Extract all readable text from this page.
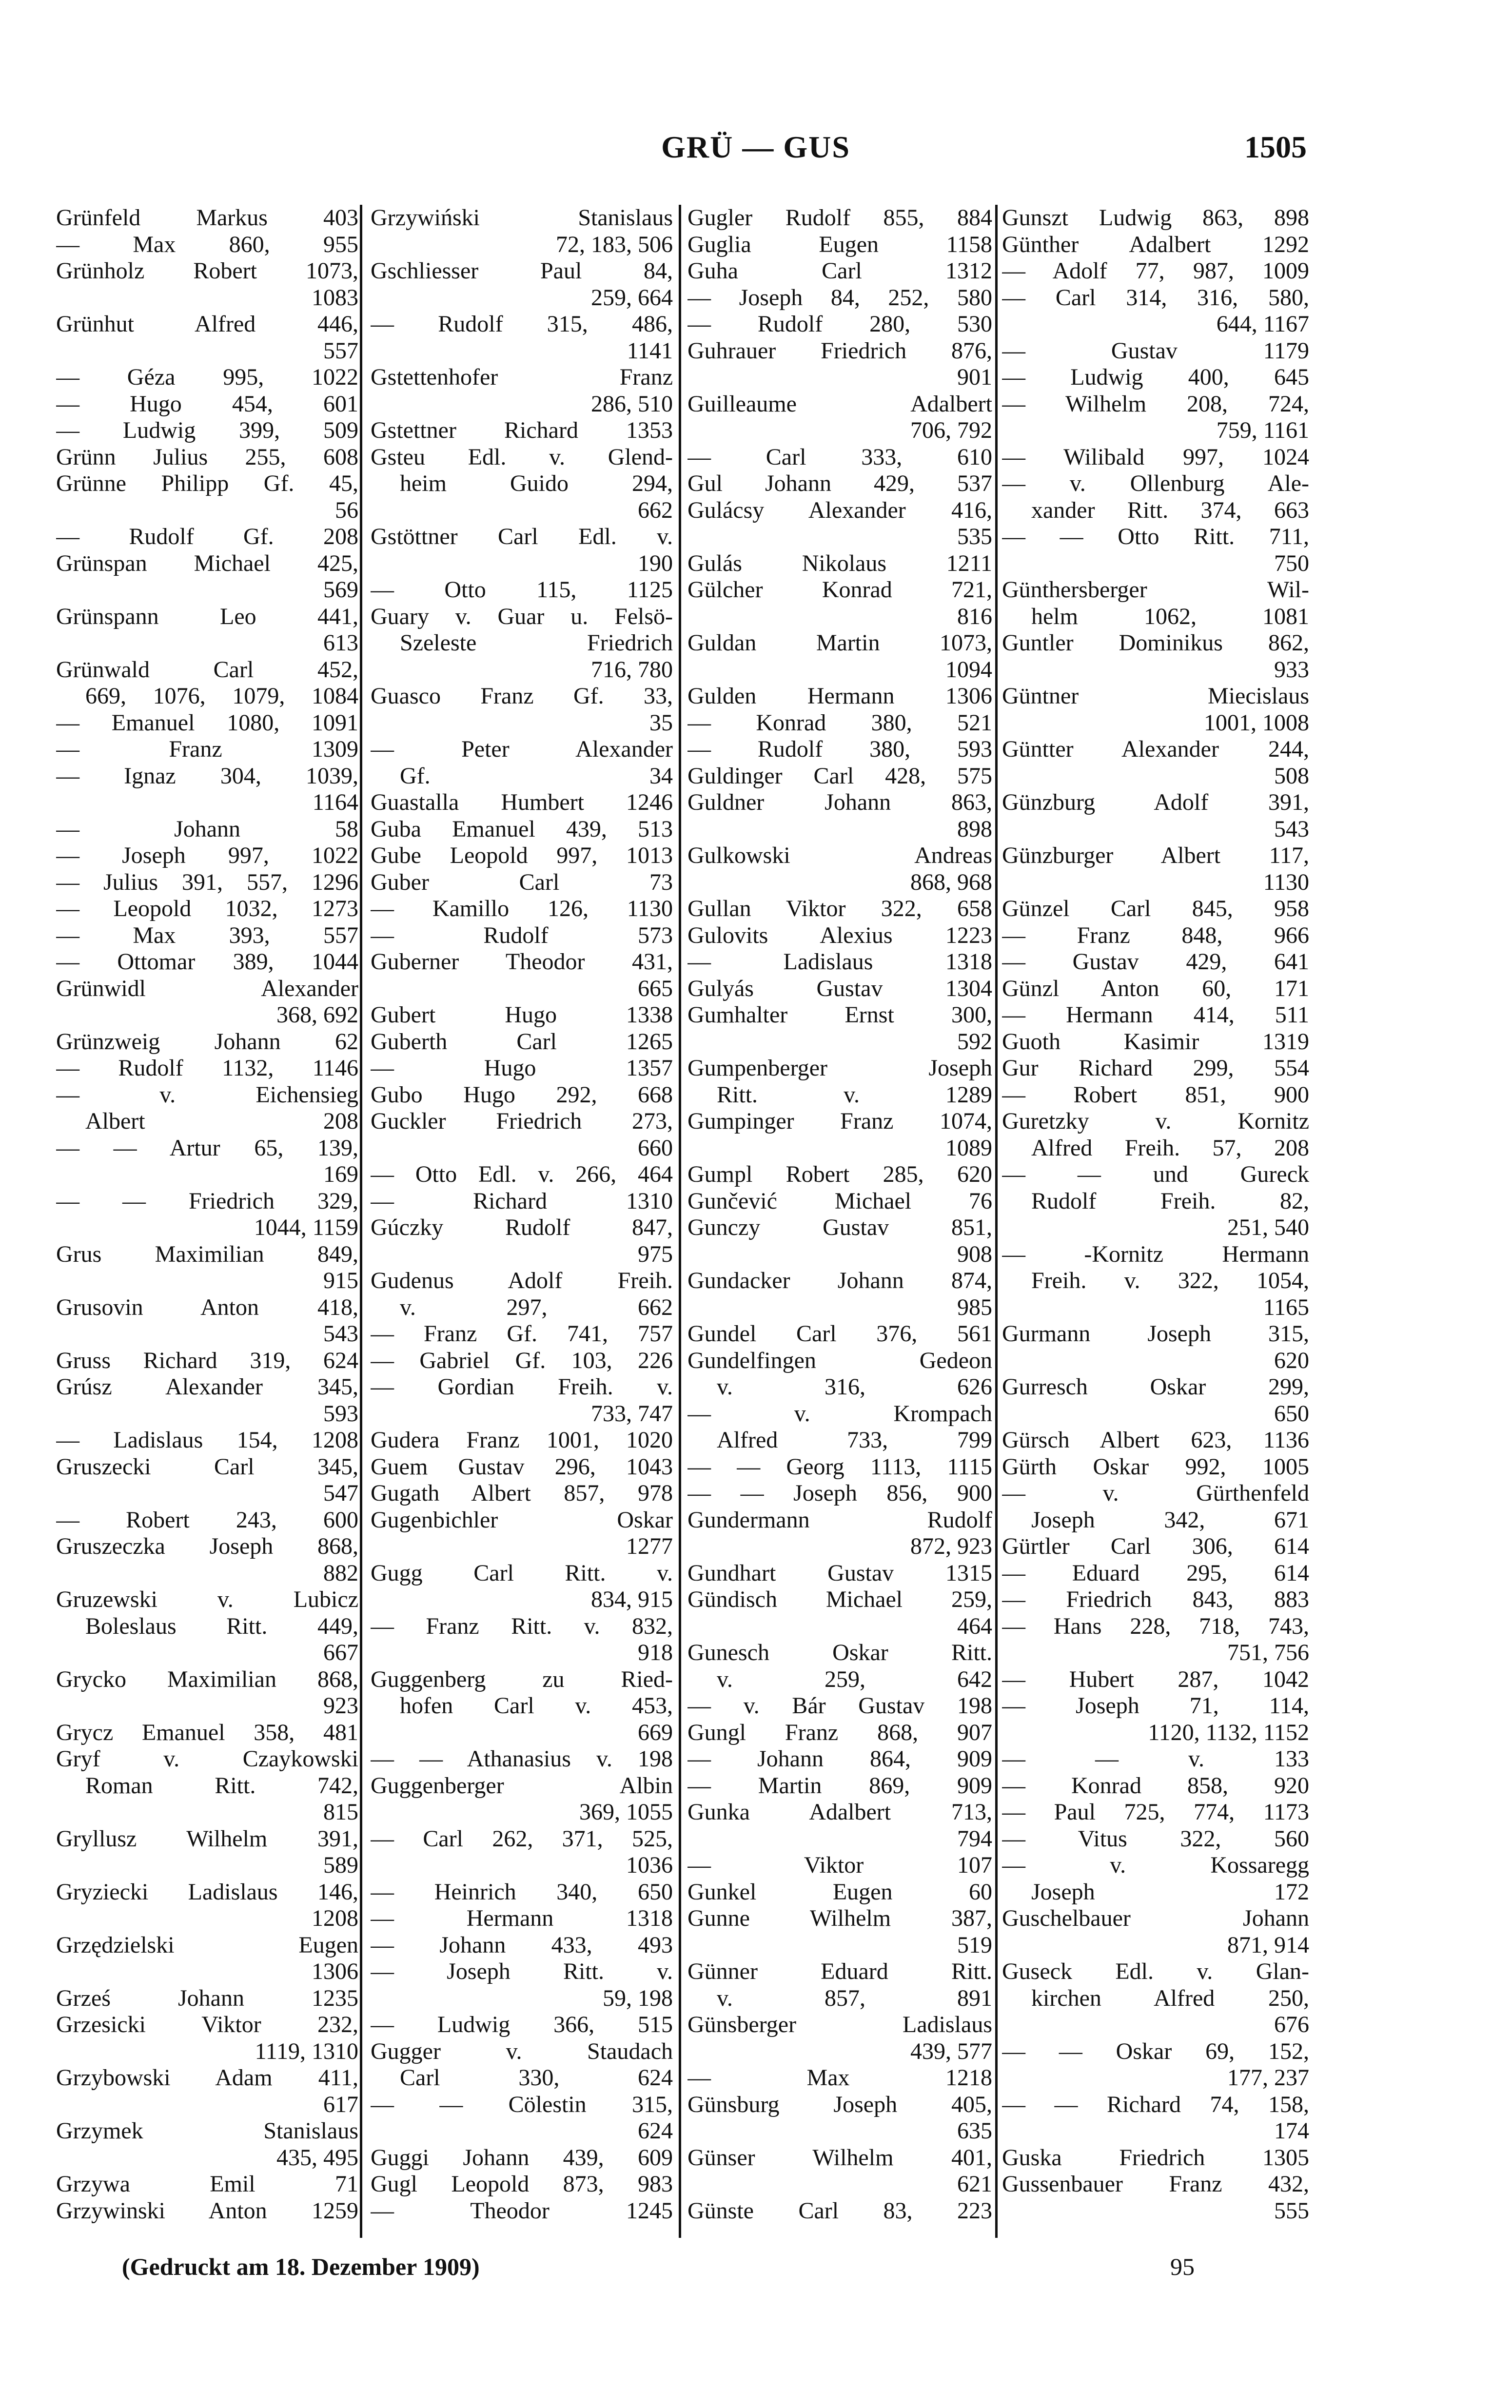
GRÜ — GUS	1505
Grünfeld Markus 403
— Max 860, 955
Grünholz Robert 1073,
1083
Grünhut Alfred 446,
557
— Géza 995, 1022
— Hugo 454, 601
— Ludwig 399, 509
Grünn Julius 255, 608
Grünne Philipp Gf. 45,
56
— Rudolf Gf. 208
Grünspan Michael 425,
569
Grünspann Leo 441,
613
Grünwald Carl 452,
669, 1076, 1079, 1084
— Emanuel 1080, 1091
— Franz 1309
— Ignaz 304, 1039,
1164
— Johann 58
— Joseph 997, 1022
— Julius 391, 557, 1296
— Leopold 1032, 1273
— Max 393, 557
— Ottomar 389, 1044
Grünwidl Alexander
368, 692
Grünzweig Johann 62
— Rudolf 1132, 1146
— v. Eichensieg
Albert 208
— — Artur 65, 139,
169
— — Friedrich 329,
1044, 1159
Grus Maximilian 849,
915
Grusovin Anton 418,
543
Gruss Richard 319, 624
Grúsz Alexander 345,
593
— Ladislaus 154, 1208
Gruszecki Carl 345,
547
— Robert 243, 600
Gruszeczka Joseph 868,
882
Gruzewski v. Lubicz
Boleslaus Ritt. 449,
667
Grycko Maximilian 868,
923
Grycz Emanuel 358, 481
Gryf v. Czaykowski
Roman Ritt. 742,
815
Gryllusz Wilhelm 391,
589
Gryziecki Ladislaus 146,
1208
Grzędzielski Eugen
1306
Grześ Johann 1235
Grzesicki Viktor 232,
1119, 1310
Grzybowski Adam 411,
617
Grzymek Stanislaus
435, 495
Grzywa Emil 71
Grzywinski Anton 1259
Grzywiński Stanislaus
72, 183, 506
Gschliesser Paul 84,
259, 664
— Rudolf 315, 486,
1141
Gstettenhofer Franz
286, 510
Gstettner Richard 1353
Gsteu Edl. v. Glend-
heim Guido 294,
662
Gstöttner Carl Edl. v.
190
— Otto 115, 1125
Guary v. Guar u. Felsö-
Szeleste Friedrich
716, 780
Guasco Franz Gf. 33,
35
— Peter Alexander
Gf. 34
Guastalla Humbert 1246
Guba Emanuel 439, 513
Gube Leopold 997, 1013
Guber Carl 73
— Kamillo 126, 1130
— Rudolf 573
Guberner Theodor 431,
665
Gubert Hugo 1338
Guberth Carl 1265
— Hugo 1357
Gubo Hugo 292, 668
Guckler Friedrich 273,
660
— Otto Edl. v. 266, 464
— Richard 1310
Gúczky Rudolf 847,
975
Gudenus Adolf Freih.
v. 297, 662
— Franz Gf. 741, 757
— Gabriel Gf. 103, 226
— Gordian Freih. v.
733, 747
Gudera Franz 1001, 1020
Guem Gustav 296, 1043
Gugath Albert 857, 978
Gugenbichler Oskar
1277
Gugg Carl Ritt. v.
834, 915
— Franz Ritt. v. 832,
918
Guggenberg zu Ried-
hofen Carl v. 453,
669
— — Athanasius v. 198
Guggenberger Albin
369, 1055
— Carl 262, 371, 525,
1036
— Heinrich 340, 650
— Hermann 1318
— Johann 433, 493
— Joseph Ritt. v.
59, 198
— Ludwig 366, 515
Gugger v. Staudach
Carl 330, 624
— — Cölestin 315,
624
Guggi Johann 439, 609
Gugl Leopold 873, 983
— Theodor 1245
Gugler Rudolf 855, 884
Guglia Eugen 1158
Guha Carl 1312
— Joseph 84, 252, 580
— Rudolf 280, 530
Guhrauer Friedrich 876,
901
Guilleaume Adalbert
706, 792
— Carl 333, 610
Gul Johann 429, 537
Gulácsy Alexander 416,
535
Gulás Nikolaus 1211
Gülcher Konrad 721,
816
Guldan Martin 1073,
1094
Gulden Hermann 1306
— Konrad 380, 521
— Rudolf 380, 593
Guldinger Carl 428, 575
Guldner Johann 863,
898
Gulkowski Andreas
868, 968
Gullan Viktor 322, 658
Gulovits Alexius 1223
— Ladislaus 1318
Gulyás Gustav 1304
Gumhalter Ernst 300,
592
Gumpenberger Joseph
Ritt. v. 1289
Gumpinger Franz 1074,
1089
Gumpl Robert 285, 620
Gunčević Michael 76
Gunczy Gustav 851,
908
Gundacker Johann 874,
985
Gundel Carl 376, 561
Gundelfingen Gedeon
v. 316, 626
— v. Krompach
Alfred 733, 799
— — Georg 1113, 1115
— — Joseph 856, 900
Gundermann Rudolf
872, 923
Gundhart Gustav 1315
Gündisch Michael 259,
464
Gunesch Oskar Ritt.
v. 259, 642
— v. Bár Gustav 198
Gungl Franz 868, 907
— Johann 864, 909
— Martin 869, 909
Gunka Adalbert 713,
794
— Viktor 107
Gunkel Eugen 60
Gunne Wilhelm 387,
519
Günner Eduard Ritt.
v. 857, 891
Günsberger Ladislaus
439, 577
— Max 1218
Günsburg Joseph 405,
635
Günser Wilhelm 401,
621
Günste Carl 83, 223
Gunszt Ludwig 863, 898
Günther Adalbert 1292
— Adolf 77, 987, 1009
— Carl 314, 316, 580,
644, 1167
— Gustav 1179
— Ludwig 400, 645
— Wilhelm 208, 724,
759, 1161
— Wilibald 997, 1024
— v. Ollenburg Ale-
xander Ritt. 374, 663
— — Otto Ritt. 711,
750
Günthersberger Wil-
helm 1062, 1081
Guntler Dominikus 862,
933
Güntner Miecislaus
1001, 1008
Güntter Alexander 244,
508
Günzburg Adolf 391,
543
Günzburger Albert 117,
1130
Günzel Carl 845, 958
— Franz 848, 966
— Gustav 429, 641
Günzl Anton 60, 171
— Hermann 414, 511
Guoth Kasimir 1319
Gur Richard 299, 554
— Robert 851, 900
Guretzky v. Kornitz
Alfred Freih. 57, 208
— — und Gureck
Rudolf Freih. 82,
251, 540
— -Kornitz Hermann
Freih. v. 322, 1054,
1165
Gurmann Joseph 315,
620
Gurresch Oskar 299,
650
Gürsch Albert 623, 1136
Gürth Oskar 992, 1005
— v. Gürthenfeld
Joseph 342, 671
Gürtler Carl 306, 614
— Eduard 295, 614
— Friedrich 843, 883
— Hans 228, 718, 743,
751, 756
— Hubert 287, 1042
— Joseph 71, 114,
1120, 1132, 1152
— — v. 133
— Konrad 858, 920
— Paul 725, 774, 1173
— Vitus 322, 560
— v. Kossaregg
Joseph 172
Guschelbauer Johann
871, 914
Guseck Edl. v. Glan-
kirchen Alfred 250,
676
— — Oskar 69, 152,
177, 237
— — Richard 74, 158,
174
Guska Friedrich 1305
Gussenbauer Franz 432,
555
(Gedruckt am 18. Dezember 1909)	95
